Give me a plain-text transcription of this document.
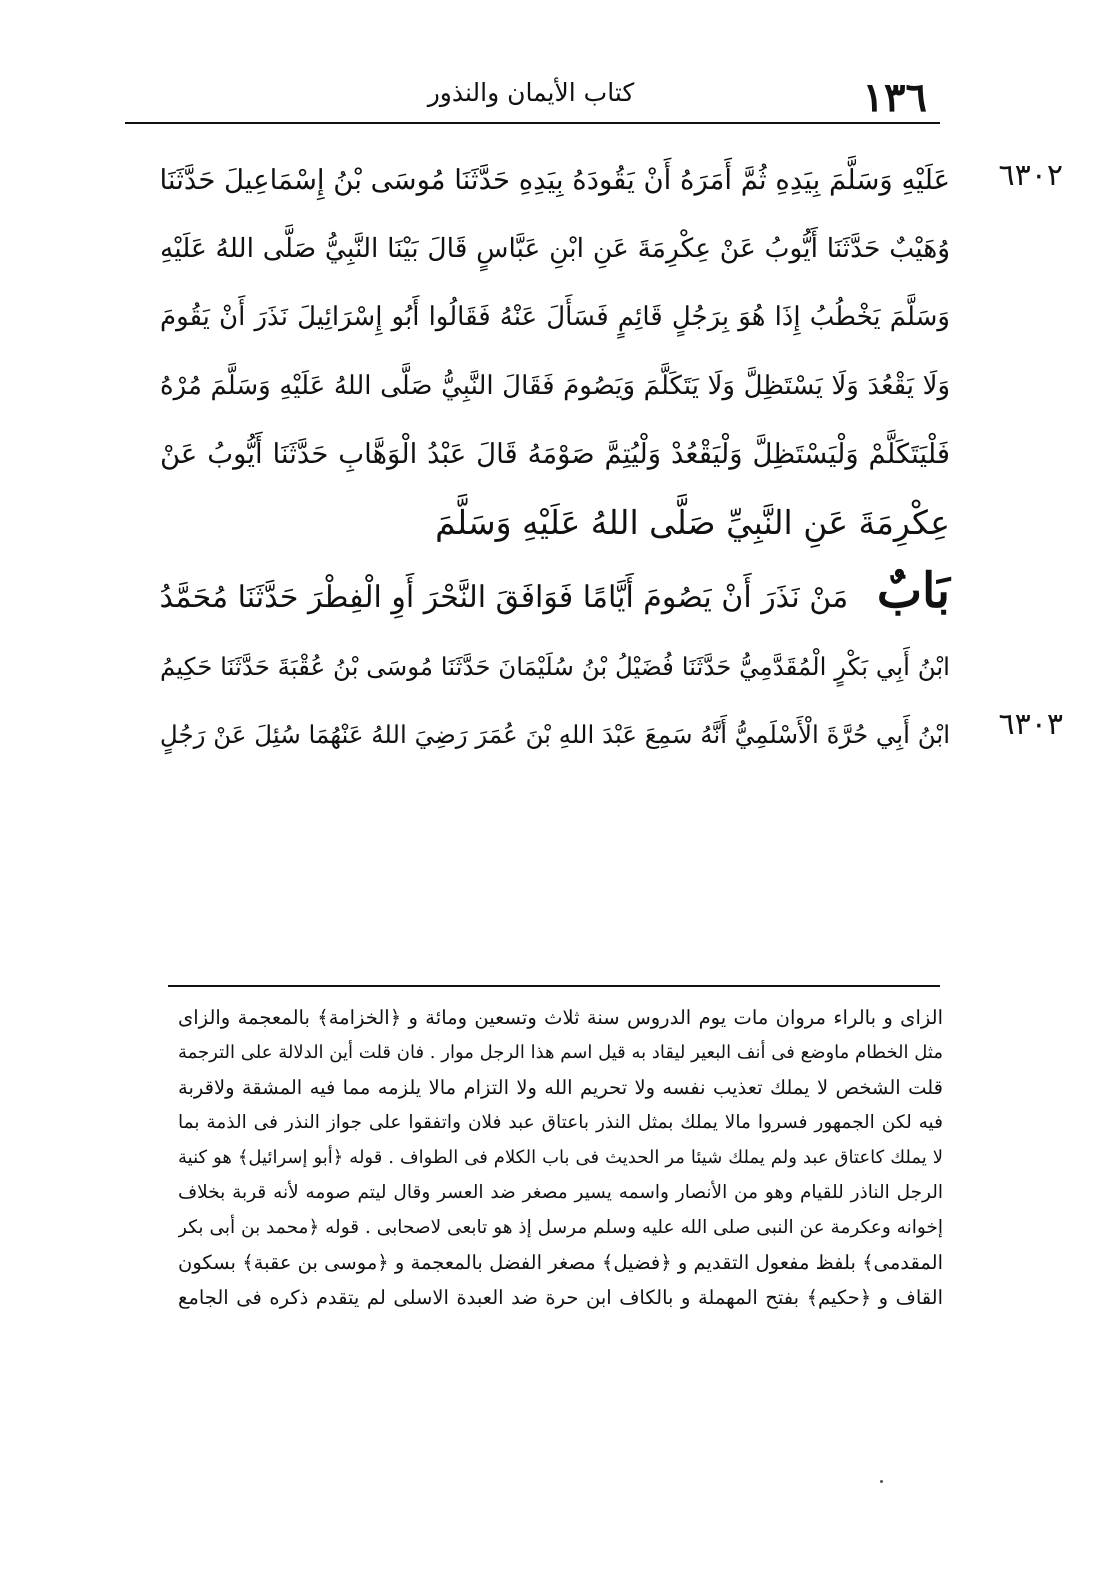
١٣٦
كتاب الأيمان والنذور
٦٣٠٢
٦٣٠٣
عَلَيْهِ وَسَلَّمَ بِيَدِهِ ثُمَّ أَمَرَهُ أَنْ يَقُودَهُ بِيَدِهِ حَدَّثَنَا مُوسَى بْنُ إِسْمَاعِيلَ حَدَّثَنَا
وُهَيْبٌ حَدَّثَنَا أَيُّوبُ عَنْ عِكْرِمَةَ عَنِ ابْنِ عَبَّاسٍ قَالَ بَيْنَا النَّبِيُّ صَلَّى اللهُ عَلَيْهِ
وَسَلَّمَ يَخْطُبُ إِذَا هُوَ بِرَجُلٍ قَائِمٍ فَسَأَلَ عَنْهُ فَقَالُوا أَبُو إِسْرَائِيلَ نَذَرَ أَنْ يَقُومَ
وَلَا يَقْعُدَ وَلَا يَسْتَظِلَّ وَلَا يَتَكَلَّمَ وَيَصُومَ فَقَالَ النَّبِيُّ صَلَّى اللهُ عَلَيْهِ وَسَلَّمَ مُرْهُ
فَلْيَتَكَلَّمْ وَلْيَسْتَظِلَّ وَلْيَقْعُدْ وَلْيُتِمَّ صَوْمَهُ قَالَ عَبْدُ الْوَهَّابِ حَدَّثَنَا أَيُّوبُ عَنْ
عِكْرِمَةَ عَنِ النَّبِيِّ صَلَّى اللهُ عَلَيْهِ وَسَلَّمَ
بَابٌ   مَنْ نَذَرَ أَنْ يَصُومَ أَيَّامًا فَوَافَقَ النَّحْرَ أَوِ الْفِطْرَ حَدَّثَنَا مُحَمَّدُ
ابْنُ أَبِي بَكْرٍ الْمُقَدَّمِيُّ حَدَّثَنَا فُضَيْلُ بْنُ سُلَيْمَانَ حَدَّثَنَا مُوسَى بْنُ عُقْبَةَ حَدَّثَنَا حَكِيمُ
ابْنُ أَبِي حُرَّةَ الْأَسْلَمِيُّ أَنَّهُ سَمِعَ عَبْدَ اللهِ بْنَ عُمَرَ رَضِيَ اللهُ عَنْهُمَا سُئِلَ عَنْ رَجُلٍ
الزاى و بالراء مروان مات يوم الدروس سنة ثلاث وتسعين ومائة و ﴿الخزامة﴾ بالمعجمة والزاى
مثل الخطام ماوضع فى أنف البعير ليقاد به قيل اسم هذا الرجل موار . فان قلت أين الدلالة على الترجمة
قلت الشخص لا يملك تعذيب نفسه ولا تحريم الله ولا التزام مالا يلزمه مما فيه المشقة ولاقربة
فيه لكن الجمهور فسروا مالا يملك بمثل النذر باعتاق عبد فلان واتفقوا على جواز النذر فى الذمة بما
لا يملك كاعتاق عبد ولم يملك شيئا مر الحديث فى باب الكلام فى الطواف . قوله ﴿أبو إسرائيل﴾ هو كنية
الرجل الناذر للقيام وهو من الأنصار واسمه يسير مصغر ضد العسر وقال ليتم صومه لأنه قربة بخلاف
إخوانه وعكرمة عن النبى صلى الله عليه وسلم مرسل إذ هو تابعى لاصحابى . قوله ﴿محمد بن أبى بكر
المقدمى﴾ بلفظ مفعول التقديم و ﴿فضيل﴾ مصغر الفضل بالمعجمة و ﴿موسى بن عقبة﴾ بسكون
القاف و ﴿حكيم﴾ بفتح المهملة و بالكاف ابن حرة ضد العبدة الاسلى لم يتقدم ذكره فى الجامع
